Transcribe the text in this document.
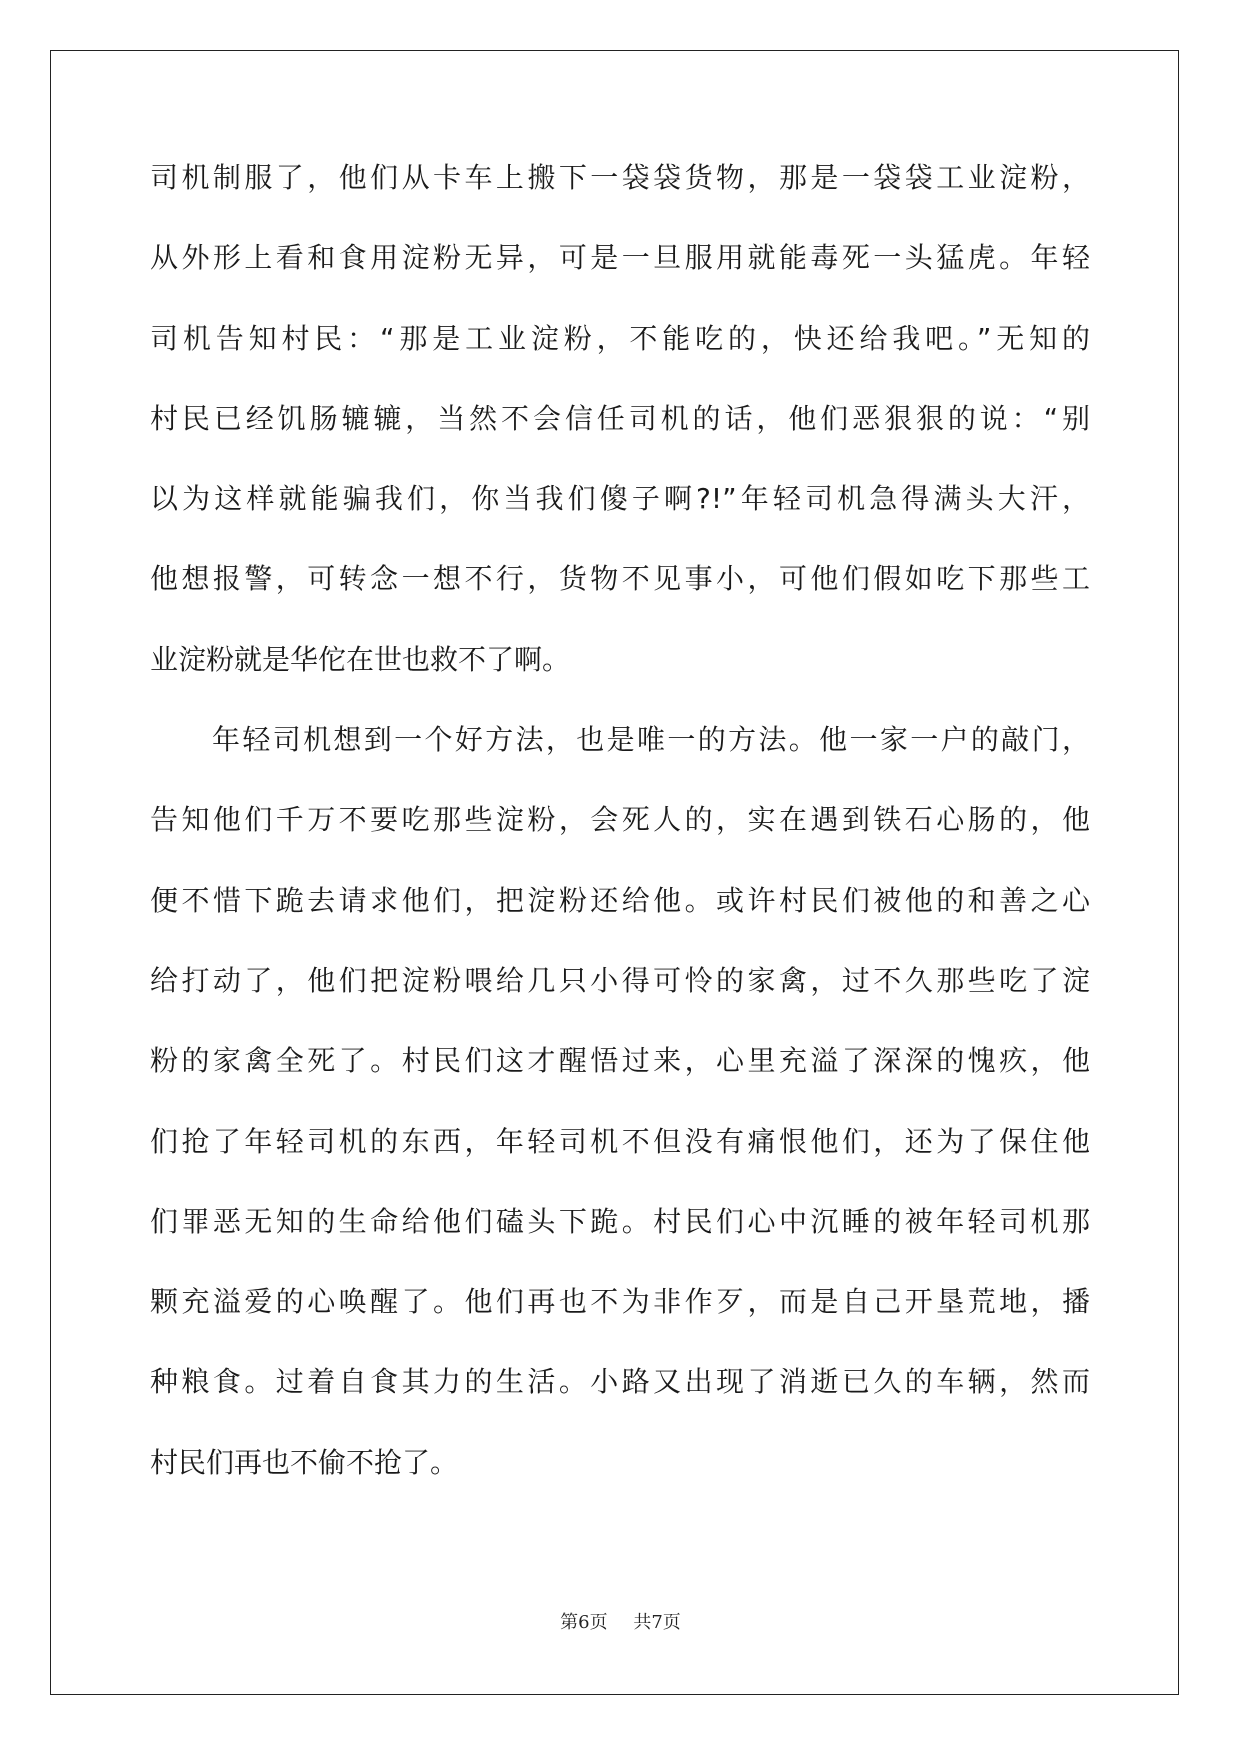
司机制服了，他们从卡车上搬下一袋袋货物，那是一袋袋工业淀粉，
从外形上看和食用淀粉无异，可是一旦服用就能毒死一头猛虎。年轻
司机告知村民：“那是工业淀粉，不能吃的，快还给我吧。”无知的
村民已经饥肠辘辘，当然不会信任司机的话，他们恶狠狠的说：“别
以为这样就能骗我们，你当我们傻子啊?!”年轻司机急得满头大汗，
他想报警，可转念一想不行，货物不见事小，可他们假如吃下那些工
业淀粉就是华佗在世也救不了啊。
年轻司机想到一个好方法，也是唯一的方法。他一家一户的敲门，
告知他们千万不要吃那些淀粉，会死人的，实在遇到铁石心肠的，他
便不惜下跪去请求他们，把淀粉还给他。或许村民们被他的和善之心
给打动了，他们把淀粉喂给几只小得可怜的家禽，过不久那些吃了淀
粉的家禽全死了。村民们这才醒悟过来，心里充溢了深深的愧疚，他
们抢了年轻司机的东西，年轻司机不但没有痛恨他们，还为了保住他
们罪恶无知的生命给他们磕头下跪。村民们心中沉睡的被年轻司机那
颗充溢爱的心唤醒了。他们再也不为非作歹，而是自己开垦荒地，播
种粮食。过着自食其力的生活。小路又出现了消逝已久的车辆，然而
村民们再也不偷不抢了。
第6页 共7页
